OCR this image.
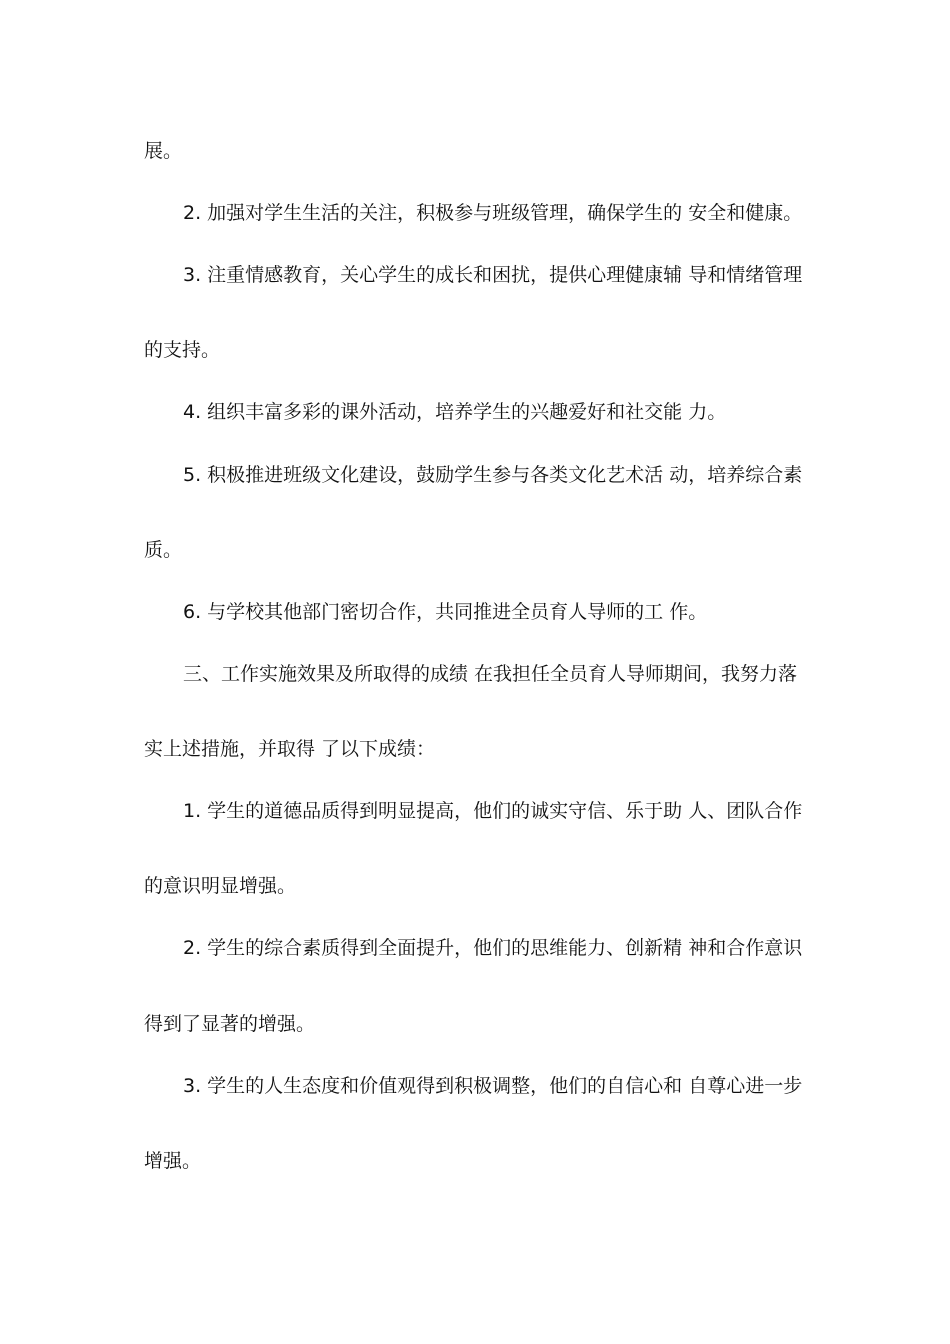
展。
2. 加强对学生生活的关注，积极参与班级管理，确保学生的 安全和健康。
3. 注重情感教育，关心学生的成长和困扰，提供心理健康辅 导和情绪管理
的支持。
4. 组织丰富多彩的课外活动，培养学生的兴趣爱好和社交能 力。
5. 积极推进班级文化建设，鼓励学生参与各类文化艺术活 动，培养综合素
质。
6. 与学校其他部门密切合作，共同推进全员育人导师的工 作。
三、工作实施效果及所取得的成绩 在我担任全员育人导师期间，我努力落
实上述措施，并取得 了以下成绩：
1. 学生的道德品质得到明显提高，他们的诚实守信、乐于助 人、团队合作
的意识明显增强。
2. 学生的综合素质得到全面提升，他们的思维能力、创新精 神和合作意识
得到了显著的增强。
3. 学生的人生态度和价值观得到积极调整，他们的自信心和 自尊心进一步
增强。
